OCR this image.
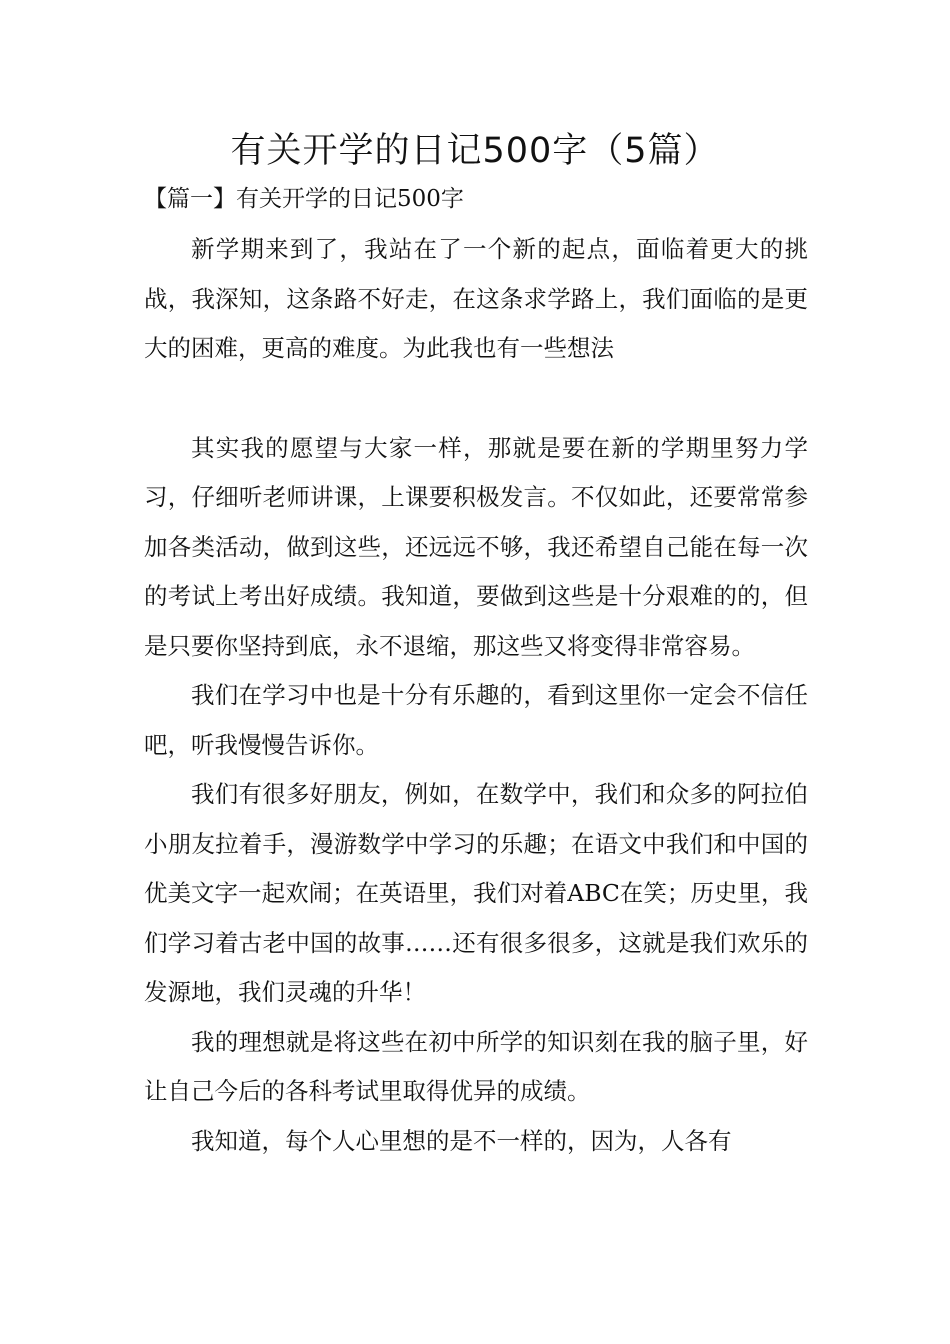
有关开学的日记500字（5篇）
【篇一】有关开学的日记500字

新学期来到了，我站在了一个新的起点，面临着更大的挑战，我深知，这条路不好走，在这条求学路上，我们面临的是更大的困难，更高的难度。为此我也有一些想法

其实我的愿望与大家一样，那就是要在新的学期里努力学习，仔细听老师讲课，上课要积极发言。不仅如此，还要常常参加各类活动，做到这些，还远远不够，我还希望自己能在每一次的考试上考出好成绩。我知道，要做到这些是十分艰难的的，但是只要你坚持到底，永不退缩，那这些又将变得非常容易。

我们在学习中也是十分有乐趣的，看到这里你一定会不信任吧，听我慢慢告诉你。

我们有很多好朋友，例如，在数学中，我们和众多的阿拉伯小朋友拉着手，漫游数学中学习的乐趣；在语文中我们和中国的优美文字一起欢闹；在英语里，我们对着ABC在笑；历史里，我们学习着古老中国的故事……还有很多很多，这就是我们欢乐的发源地，我们灵魂的升华！

我的理想就是将这些在初中所学的知识刻在我的脑子里，好让自己今后的各科考试里取得优异的成绩。

我知道，每个人心里想的是不一样的，因为，人各有
